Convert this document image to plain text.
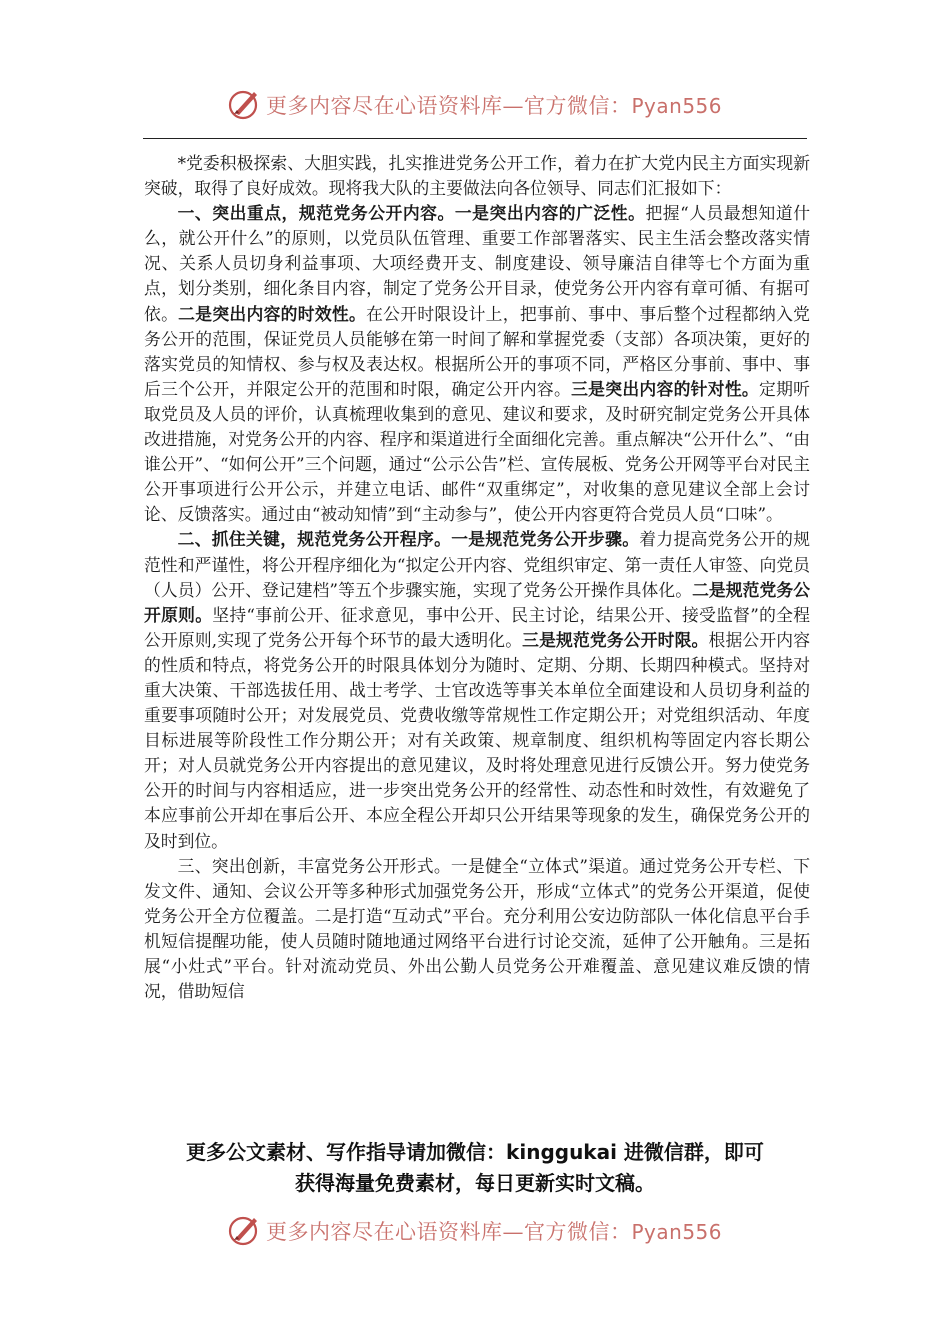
更多内容尽在心语资料库—官方微信：Pyan556

*党委积极探索、大胆实践，扎实推进党务公开工作，着力在扩大党内民主方面实现新突破，取得了良好成效。现将我大队的主要做法向各位领导、同志们汇报如下：

一、突出重点，规范党务公开内容。一是突出内容的广泛性。把握“人员最想知道什么，就公开什么”的原则，以党员队伍管理、重要工作部署落实、民主生活会整改落实情况、关系人员切身利益事项、大项经费开支、制度建设、领导廉洁自律等七个方面为重点，划分类别，细化条目内容，制定了党务公开目录，使党务公开内容有章可循、有据可依。二是突出内容的时效性。在公开时限设计上，把事前、事中、事后整个过程都纳入党务公开的范围，保证党员人员能够在第一时间了解和掌握党委（支部）各项决策，更好的落实党员的知情权、参与权及表达权。根据所公开的事项不同，严格区分事前、事中、事后三个公开，并限定公开的范围和时限，确定公开内容。三是突出内容的针对性。定期听取党员及人员的评价，认真梳理收集到的意见、建议和要求，及时研究制定党务公开具体改进措施，对党务公开的内容、程序和渠道进行全面细化完善。重点解决“公开什么”、“由谁公开”、“如何公开”三个问题，通过“公示公告”栏、宣传展板、党务公开网等平台对民主公开事项进行公开公示，并建立电话、邮件“双重绑定”，对收集的意见建议全部上会讨论、反馈落实。通过由“被动知情”到“主动参与”，使公开内容更符合党员人员“口味”。

二、抓住关键，规范党务公开程序。一是规范党务公开步骤。着力提高党务公开的规范性和严谨性，将公开程序细化为“拟定公开内容、党组织审定、第一责任人审签、向党员（人员）公开、登记建档”等五个步骤实施，实现了党务公开操作具体化。二是规范党务公开原则。坚持“事前公开、征求意见，事中公开、民主讨论，结果公开、接受监督”的全程公开原则,实现了党务公开每个环节的最大透明化。三是规范党务公开时限。根据公开内容的性质和特点，将党务公开的时限具体划分为随时、定期、分期、长期四种模式。坚持对重大决策、干部选拔任用、战士考学、士官改选等事关本单位全面建设和人员切身利益的重要事项随时公开；对发展党员、党费收缴等常规性工作定期公开；对党组织活动、年度目标进展等阶段性工作分期公开；对有关政策、规章制度、组织机构等固定内容长期公开；对人员就党务公开内容提出的意见建议，及时将处理意见进行反馈公开。努力使党务公开的时间与内容相适应，进一步突出党务公开的经常性、动态性和时效性，有效避免了本应事前公开却在事后公开、本应全程公开却只公开结果等现象的发生，确保党务公开的及时到位。

三、突出创新，丰富党务公开形式。一是健全“立体式”渠道。通过党务公开专栏、下发文件、通知、会议公开等多种形式加强党务公开，形成“立体式”的党务公开渠道，促使党务公开全方位覆盖。二是打造“互动式”平台。充分利用公安边防部队一体化信息平台手机短信提醒功能，使人员随时随地通过网络平台进行讨论交流，延伸了公开触角。三是拓展“小灶式”平台。针对流动党员、外出公勤人员党务公开难覆盖、意见建议难反馈的情况，借助短信

更多公文素材、写作指导请加微信：kinggukai 进微信群，即可
获得海量免费素材，每日更新实时文稿。
更多内容尽在心语资料库—官方微信：Pyan556
